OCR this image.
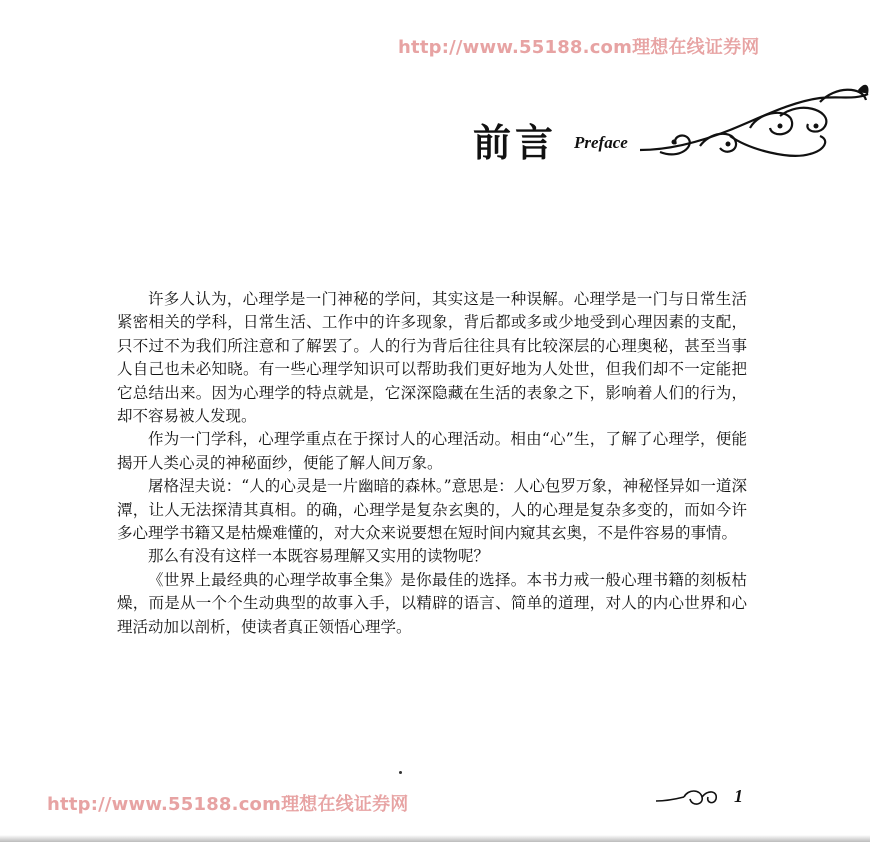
http://www.55188.com理想在线证券网
前言 Preface

许多人认为，心理学是一门神秘的学问，其实这是一种误解。心理学是一门与日常生活紧密相关的学科，日常生活、工作中的许多现象，背后都或多或少地受到心理因素的支配，只不过不为我们所注意和了解罢了。人的行为背后往往具有比较深层的心理奥秘，甚至当事人自己也未必知晓。有一些心理学知识可以帮助我们更好地为人处世，但我们却不一定能把它总结出来。因为心理学的特点就是，它深深隐藏在生活的表象之下，影响着人们的行为，却不容易被人发现。

作为一门学科，心理学重点在于探讨人的心理活动。相由“心”生，了解了心理学，便能揭开人类心灵的神秘面纱，便能了解人间万象。

屠格涅夫说：“人的心灵是一片幽暗的森林。”意思是：人心包罗万象，神秘怪异如一道深潭，让人无法探清其真相。的确，心理学是复杂玄奥的，人的心理是复杂多变的，而如今许多心理学书籍又是枯燥难懂的，对大众来说要想在短时间内窥其玄奥，不是件容易的事情。

那么有没有这样一本既容易理解又实用的读物呢？

《世界上最经典的心理学故事全集》是你最佳的选择。本书力戒一般心理书籍的刻板枯燥，而是从一个个生动典型的故事入手，以精辟的语言、简单的道理，对人的内心世界和心理活动加以剖析，使读者真正领悟心理学。

http://www.55188.com理想在线证券网	1
